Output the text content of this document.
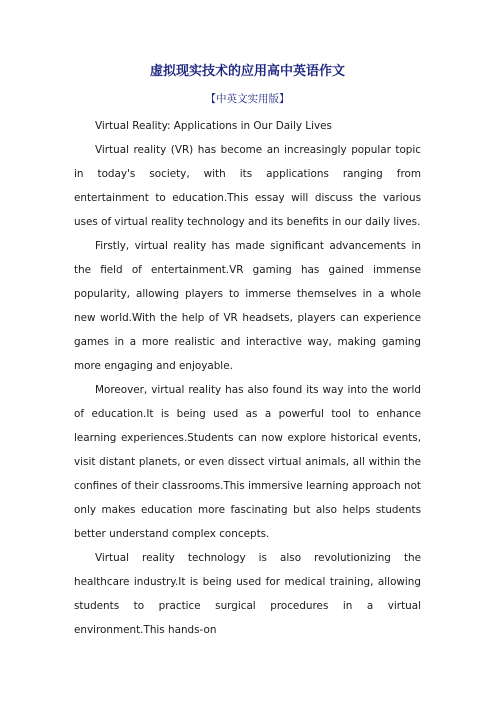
虚拟现实技术的应用高中英语作文
【中英文实用版】
Virtual Reality: Applications in Our Daily Lives

Virtual reality (VR) has become an increasingly popular topic in today's society, with its applications ranging from entertainment to education.This essay will discuss the various uses of virtual reality technology and its benefits in our daily lives.

Firstly, virtual reality has made significant advancements in the field of entertainment.VR gaming has gained immense popularity, allowing players to immerse themselves in a whole new world.With the help of VR headsets, players can experience games in a more realistic and interactive way, making gaming more engaging and enjoyable.

Moreover, virtual reality has also found its way into the world of education.It is being used as a powerful tool to enhance learning experiences.Students can now explore historical events, visit distant planets, or even dissect virtual animals, all within the confines of their classrooms.This immersive learning approach not only makes education more fascinating but also helps students better understand complex concepts.

Virtual reality technology is also revolutionizing the healthcare industry.It is being used for medical training, allowing students to practice surgical procedures in a virtual environment.This hands-on
